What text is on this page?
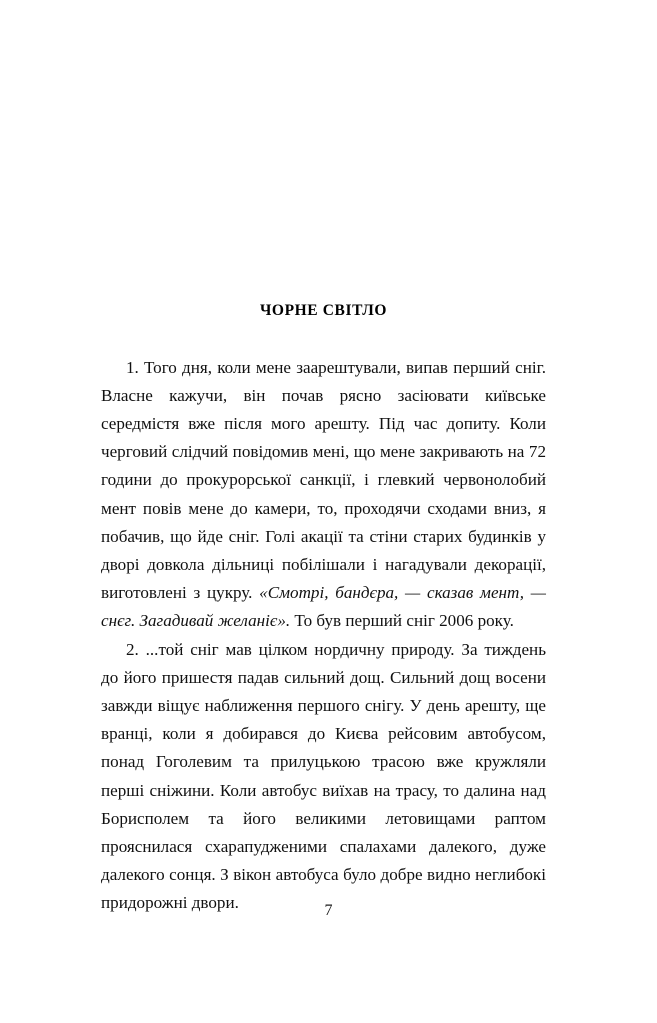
ЧОРНЕ СВІТЛО

1. Того дня, коли мене заарештували, випав перший сніг. Власне кажучи, він почав рясно засіювати київське середмістя вже після мого арешту. Під час допиту. Коли черговий слідчий повідомив мені, що мене закривають на 72 години до прокурорської санкції, і глевкий червонолобий мент повів мене до камери, то, проходячи сходами вниз, я побачив, що йде сніг. Голі акації та стіни старих будинків у дворі довкола дільниці побілішали і нагадували декорації, виготовлені з цукру. «Смотрі, бандєра, — сказав мент, — снєг. Загадивай желаніє». То був перший сніг 2006 року.

2. ...той сніг мав цілком нордичну природу. За тиждень до його пришестя падав сильний дощ. Сильний дощ восени завжди віщує наближення першого снігу. У день арешту, ще вранці, коли я добирався до Києва рейсовим автобусом, понад Гоголевим та прилуцькою трасою вже кружляли перші сніжини. Коли автобус виїхав на трасу, то далина над Борисполем та його великими летовищами раптом прояснилася схарапудженими спалахами далекого, дуже далекого сонця. З вікон автобуса було добре видно неглибокі придорожні двори.	7
